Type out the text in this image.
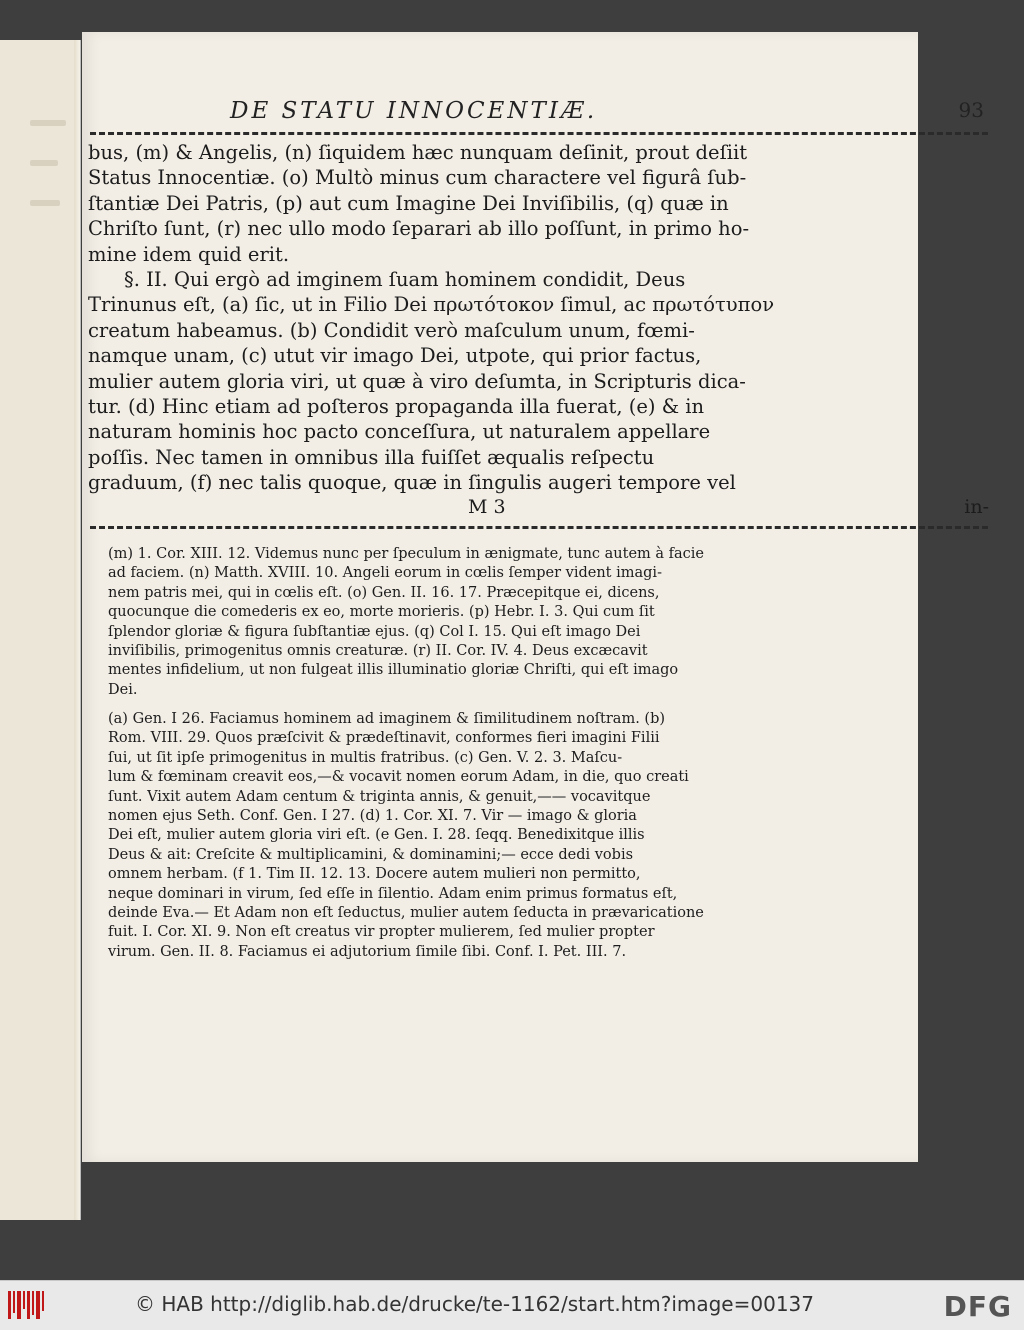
DE STATU INNOCENTIÆ.	93
bus, (m) & Angelis, (n) ſiquidem hæc nunquam deſinit, prout deſiit
Status Innocentiæ. (o) Multò minus cum charactere vel figurâ ſub-
ſtantiæ Dei Patris, (p) aut cum Imagine Dei Inviſibilis, (q) quæ in
Chriſto ſunt, (r) nec ullo modo ſeparari ab illo poſſunt, in primo ho-
mine idem quid erit.
§. II. Qui ergò ad imginem ſuam hominem condidit, Deus
Trinunus eſt, (a) ſic, ut in Filio Dei πρωτότοκον ſimul, ac πρωτότυπον
creatum habeamus. (b) Condidit verò maſculum unum, fœmi-
namque unam, (c) utut vir imago Dei, utpote, qui prior factus,
mulier autem gloria viri, ut quæ à viro deſumta, in Scripturis dica-
tur. (d) Hinc etiam ad poſteros propaganda illa fuerat, (e) & in
naturam hominis hoc pacto conceſſura, ut naturalem appellare
poſſis. Nec tamen in omnibus illa fuiſſet æqualis reſpectu
graduum, (f) nec talis quoque, quæ in ſingulis augeri tempore vel
M 3	in-
(m) 1. Cor. XIII. 12. Videmus nunc per ſpeculum in ænigmate, tunc autem à facie
ad faciem. (n) Matth. XVIII. 10. Angeli eorum in cœlis ſemper vident imagi-
nem patris mei, qui in cœlis eſt. (o) Gen. II. 16. 17. Præcepitque ei, dicens,
quocunque die comederis ex eo, morte morieris. (p) Hebr. I. 3. Qui cum ſit
ſplendor gloriæ & figura ſubſtantiæ ejus. (q) Col I. 15. Qui eſt imago Dei
inviſibilis, primogenitus omnis creaturæ. (r) II. Cor. IV. 4. Deus excæcavit
mentes infidelium, ut non fulgeat illis illuminatio gloriæ Chriſti, qui eſt imago
Dei.
(a) Gen. I 26. Faciamus hominem ad imaginem & ſimilitudinem noſtram. (b)
Rom. VIII. 29. Quos præſcivit & prædeſtinavit, conformes fieri imagini Filii
ſui, ut ſit ipſe primogenitus in multis fratribus. (c) Gen. V. 2. 3. Maſcu-
lum & fœminam creavit eos,—& vocavit nomen eorum Adam, in die, quo creati
ſunt. Vixit autem Adam centum & triginta annis, & genuit,—— vocavitque
nomen ejus Seth. Conf. Gen. I 27. (d) 1. Cor. XI. 7. Vir — imago & gloria
Dei eſt, mulier autem gloria viri eſt. (e Gen. I. 28. ſeqq. Benedixitque illis
Deus & ait: Creſcite & multiplicamini, & dominamini;— ecce dedi vobis
omnem herbam. (f 1. Tim II. 12. 13. Docere autem mulieri non permitto,
neque dominari in virum, ſed eſſe in ſilentio. Adam enim primus formatus eſt,
deinde Eva.— Et Adam non eſt ſeductus, mulier autem ſeducta in prævaricatione
fuit. I. Cor. XI. 9. Non eſt creatus vir propter mulierem, ſed mulier propter
virum. Gen. II. 8. Faciamus ei adjutorium ſimile ſibi. Conf. I. Pet. III. 7.
© HAB http://diglib.hab.de/drucke/te-1162/start.htm?image=00137	DFG
